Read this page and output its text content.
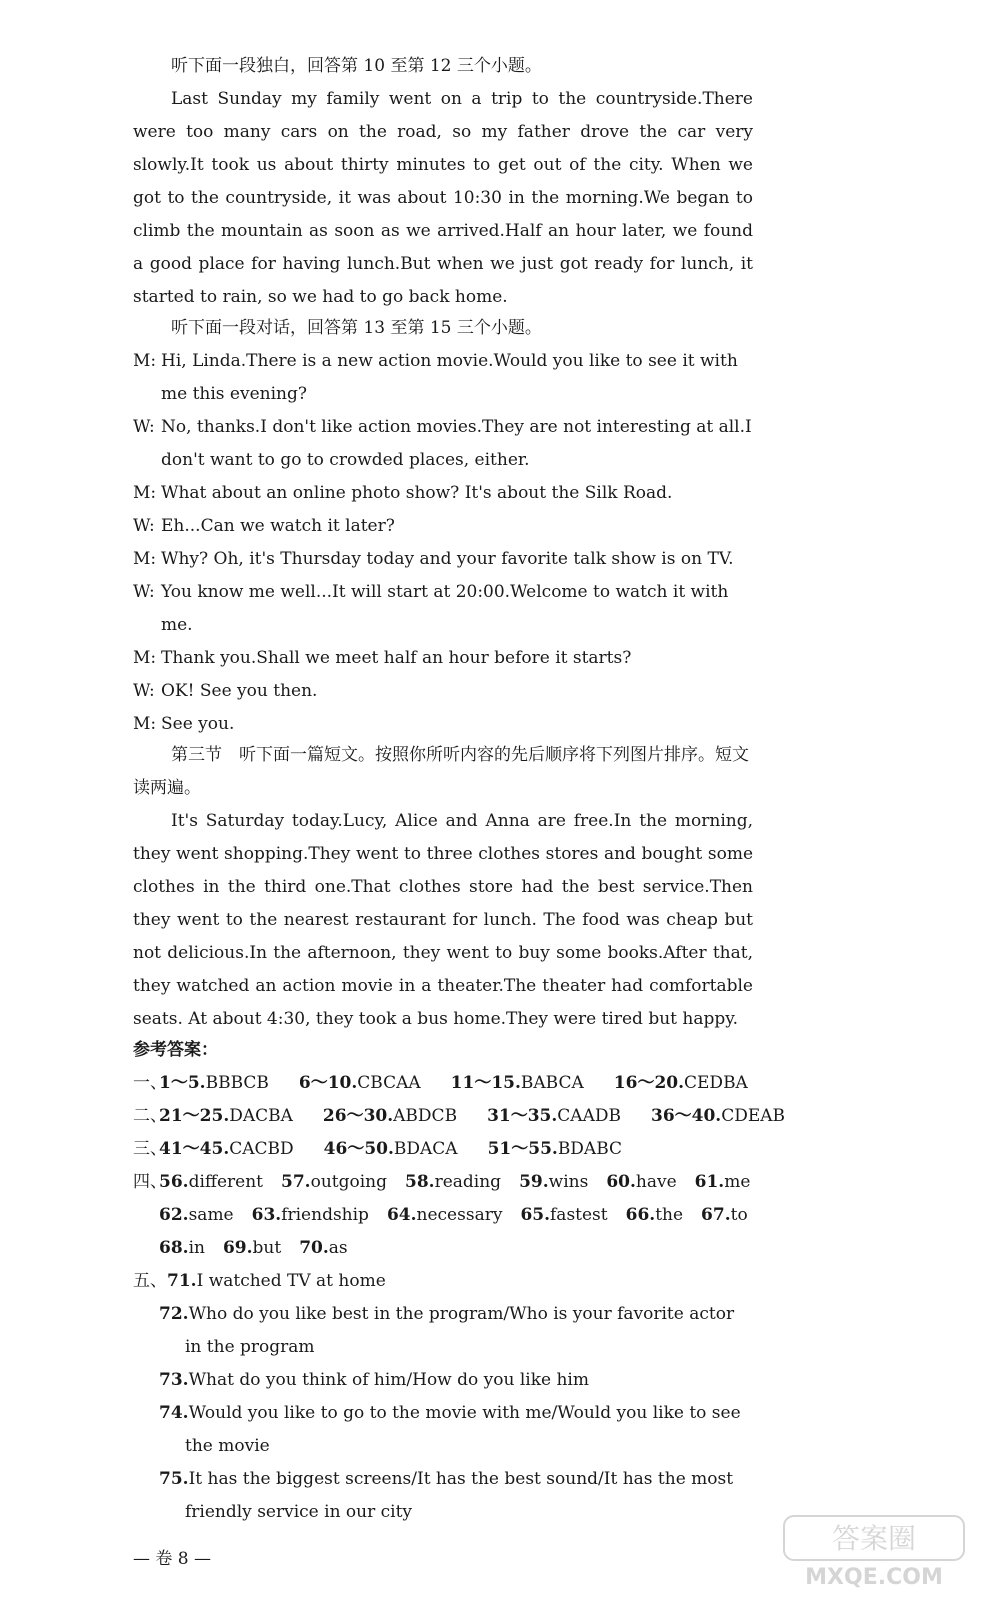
听下面一段独白，回答第 10 至第 12 三个小题。

Last Sunday my family went on a trip to the countryside.There were too many cars on the road, so my father drove the car very slowly.It took us about thirty minutes to get out of the city. When we got to the countryside, it was about 10:30 in the morning.We began to climb the mountain as soon as we arrived.Half an hour later, we found a good place for having lunch.But when we just got ready for lunch, it started to rain, so we had to go back home.

听下面一段对话，回答第 13 至第 15 三个小题。

M: Hi, Linda.There is a new action movie.Would you like to see it with me this evening?

W: No, thanks.I don't like action movies.They are not interesting at all.I don't want to go to crowded places, either.

M: What about an online photo show? It's about the Silk Road.

W: Eh...Can we watch it later?

M: Why? Oh, it's Thursday today and your favorite talk show is on TV.

W: You know me well...It will start at 20:00.Welcome to watch it with me.

M: Thank you.Shall we meet half an hour before it starts?

W: OK! See you then.

M: See you.

第三节　听下面一篇短文。按照你所听内容的先后顺序将下列图片排序。短文读两遍。

It's Saturday today.Lucy, Alice and Anna are free.In the morning, they went shopping.They went to three clothes stores and bought some clothes in the third one.That clothes store had the best service.Then they went to the nearest restaurant for lunch. The food was cheap but not delicious.In the afternoon, they went to buy some books.After that, they watched an action movie in a theater.The theater had comfortable seats. At about 4:30, they took a bus home.They were tired but happy.

参考答案：

一、1～5.BBBCB 6～10.CBCAA 11～15.BABCA 16～20.CEDBA

二、21～25.DACBA 26～30.ABDCB 31～35.CAADB 36～40.CDEAB

三、41～45.CACBD 46～50.BDACA 51～55.BDABC

四、56.different 57.outgoing 58.reading 59.wins 60.have 61.me

62.same 63.friendship 64.necessary 65.fastest 66.the 67.to

68.in 69.but 70.as

五、71.I watched TV at home

72.Who do you like best in the program/Who is your favorite actor in the program

73.What do you think of him/How do you like him

74.Would you like to go to the movie with me/Would you like to see the movie

75.It has the biggest screens/It has the best sound/It has the most friendly service in our city

— 卷 8 —
答案圈
MXQE.COM
